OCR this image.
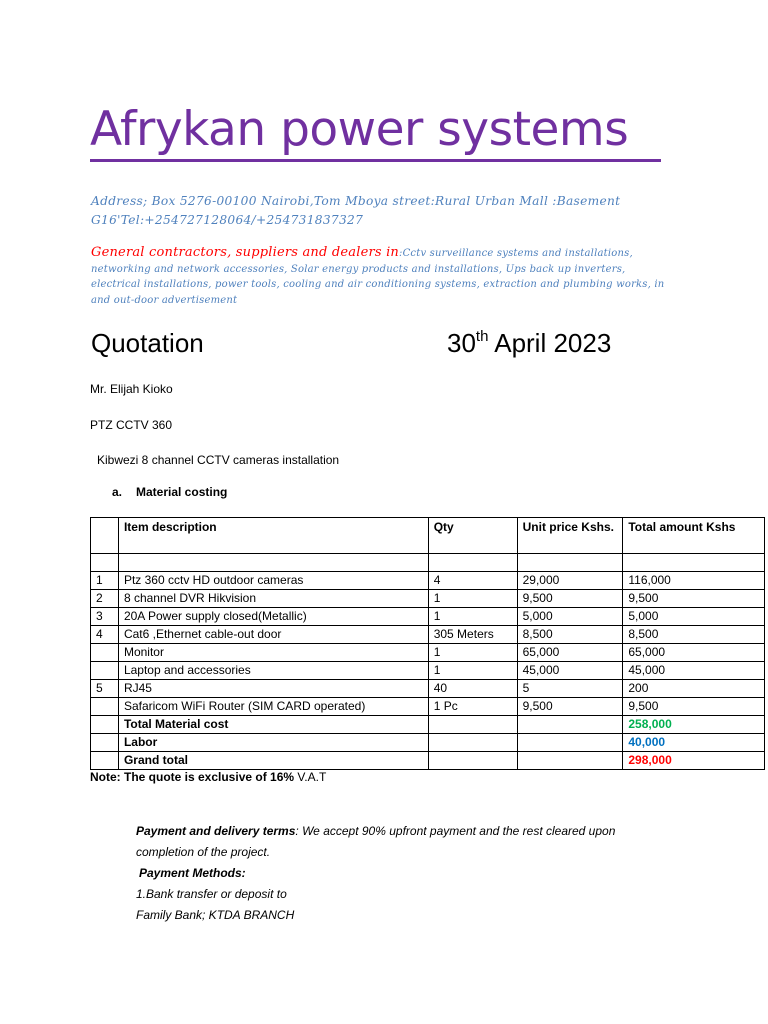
Afrykan power systems
Address; Box 5276-00100 Nairobi,Tom Mboya street:Rural Urban Mall :Basement G16'Tel:+254727128064/+254731837327
General contractors, suppliers and dealers in:Cctv surveillance systems and installations, networking and network accessories, Solar energy products and installations, Ups back up inverters, electrical installations, power tools, cooling and air conditioning systems, extraction and plumbing works, in and out-door advertisement
Quotation	30th April 2023
Mr. Elijah Kioko
PTZ CCTV 360
Kibwezi 8 channel CCTV cameras installation
a. Material costing
	Item description	Qty	Unit price Kshs.	Total amount Kshs

1	Ptz 360 cctv HD outdoor cameras	4	29,000	116,000
2	8 channel DVR Hikvision	1	9,500	9,500
3	20A Power supply closed(Metallic)	1	5,000	5,000
4	Cat6 ,Ethernet cable-out door	305 Meters	8,500	8,500
	Monitor	1	65,000	65,000
	Laptop and accessories	1	45,000	45,000
5	RJ45	40	5	200
	Safaricom WiFi Router (SIM CARD operated)	1 Pc	9,500	9,500
	Total Material cost			258,000
	Labor			40,000
	Grand total			298,000
Note: The quote is exclusive of 16% V.A.T
Payment and delivery terms: We accept 90% upfront payment and the rest cleared upon completion of the project.
Payment Methods:
1.Bank transfer or deposit to
Family Bank; KTDA BRANCH
